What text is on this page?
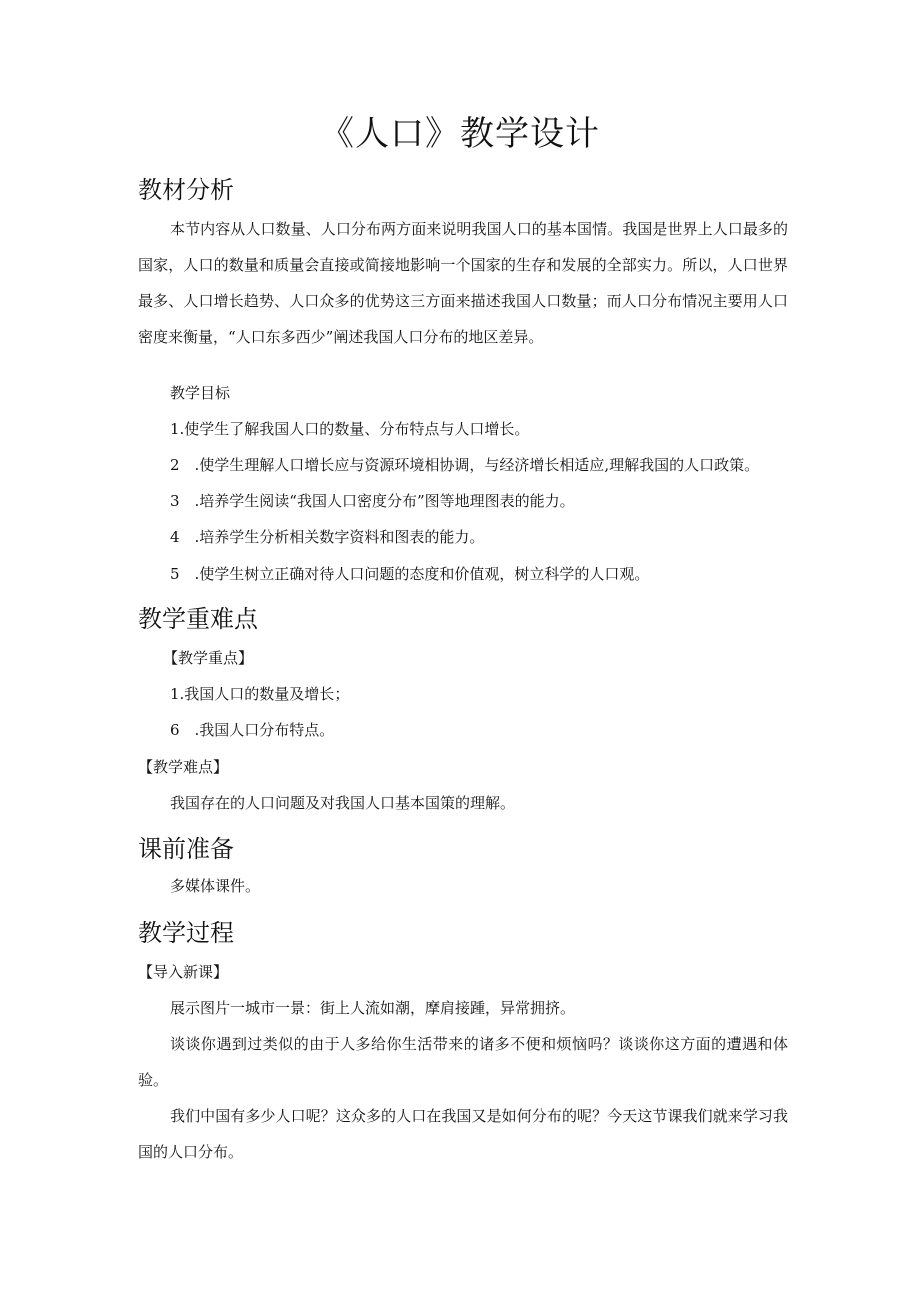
《人口》教学设计
教材分析

本节内容从人口数量、人口分布两方面来说明我国人口的基本国情。我国是世界上人口最多的国家，人口的数量和质量会直接或简接地影响一个国家的生存和发展的全部实力。所以，人口世界最多、人口增长趋势、人口众多的优势这三方面来描述我国人口数量；而人口分布情况主要用人口密度来衡量，“人口东多西少”阐述我国人口分布的地区差异。

教学目标
1.使学生了解我国人口的数量、分布特点与人口增长。
2　.使学生理解人口增长应与资源环境相协调，与经济增长相适应,理解我国的人口政策。
3　.培养学生阅读“我国人口密度分布”图等地理图表的能力。
4　.培养学生分析相关数字资料和图表的能力。
5　.使学生树立正确对待人口问题的态度和价值观，树立科学的人口观。
教学重难点
【教学重点】
1.我国人口的数量及增长；
6　.我国人口分布特点。
【教学难点】
我国存在的人口问题及对我国人口基本国策的理解。
课前准备
多媒体课件。
教学过程
【导入新课】
展示图片一城市一景：街上人流如潮，摩肩接踵，异常拥挤。

谈谈你遇到过类似的由于人多给你生活带来的诸多不便和烦恼吗？谈谈你这方面的遭遇和体验。

我们中国有多少人口呢？这众多的人口在我国又是如何分布的呢？今天这节课我们就来学习我国的人口分布。
